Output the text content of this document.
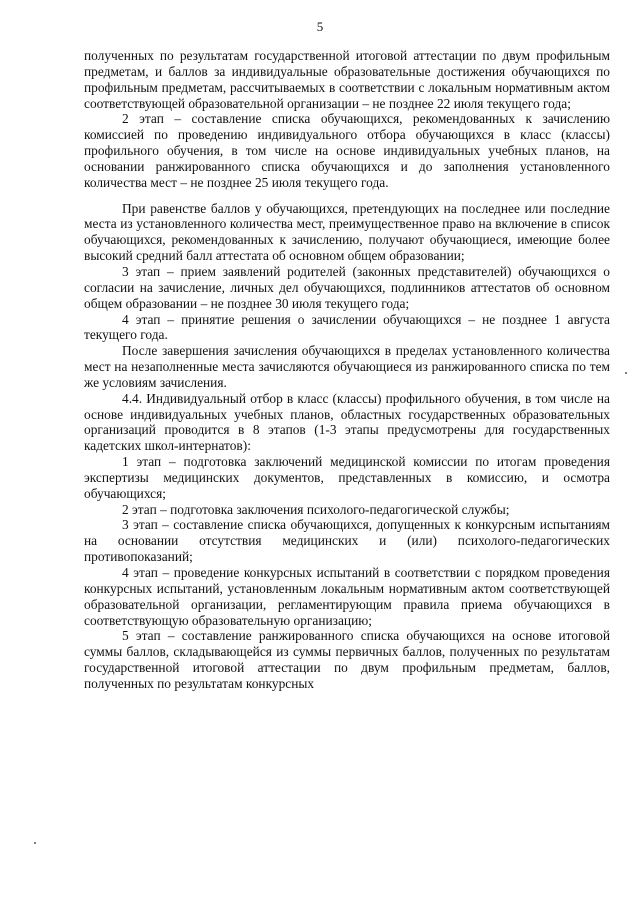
5

полученных по результатам государственной итоговой аттестации по двум профильным предметам, и баллов за индивидуальные образовательные достижения обучающихся по профильным предметам, рассчитываемых в соответствии с локальным нормативным актом соответствующей образовательной организации – не позднее 22 июля текущего года;

2 этап – составление списка обучающихся, рекомендованных к зачислению комиссией по проведению индивидуального отбора обучающихся в класс (классы) профильного обучения, в том числе на основе индивидуальных учебных планов, на основании ранжированного списка обучающихся и до заполнения установленного количества мест – не позднее 25 июля текущего года.

При равенстве баллов у обучающихся, претендующих на последнее или последние места из установленного количества мест, преимущественное право на включение в список обучающихся, рекомендованных к зачислению, получают обучающиеся, имеющие более высокий средний балл аттестата об основном общем образовании;

3 этап – прием заявлений родителей (законных представителей) обучающихся о согласии на зачисление, личных дел обучающихся, подлинников аттестатов об основном общем образовании – не позднее 30 июля текущего года;

4 этап – принятие решения о зачислении обучающихся – не позднее 1 августа текущего года.

После завершения зачисления обучающихся в пределах установленного количества мест на незаполненные места зачисляются обучающиеся из ранжированного списка по тем же условиям зачисления.

4.4. Индивидуальный отбор в класс (классы) профильного обучения, в том числе на основе индивидуальных учебных планов, областных государственных образовательных организаций проводится в 8 этапов (1-3 этапы предусмотрены для государственных кадетских школ-интернатов):

1 этап – подготовка заключений медицинской комиссии по итогам проведения экспертизы медицинских документов, представленных в комиссию, и осмотра обучающихся;

2 этап – подготовка заключения психолого-педагогической службы;

3 этап – составление списка обучающихся, допущенных к конкурсным испытаниям на основании отсутствия медицинских и (или) психолого-педагогических противопоказаний;

4 этап – проведение конкурсных испытаний в соответствии с порядком проведения конкурсных испытаний, установленным локальным нормативным актом соответствующей образовательной организации, регламентирующим правила приема обучающихся в соответствующую образовательную организацию;

5 этап – составление ранжированного списка обучающихся на основе итоговой суммы баллов, складывающейся из суммы первичных баллов, полученных по результатам государственной итоговой аттестации по двум профильным предметам, баллов, полученных по результатам конкурсных
